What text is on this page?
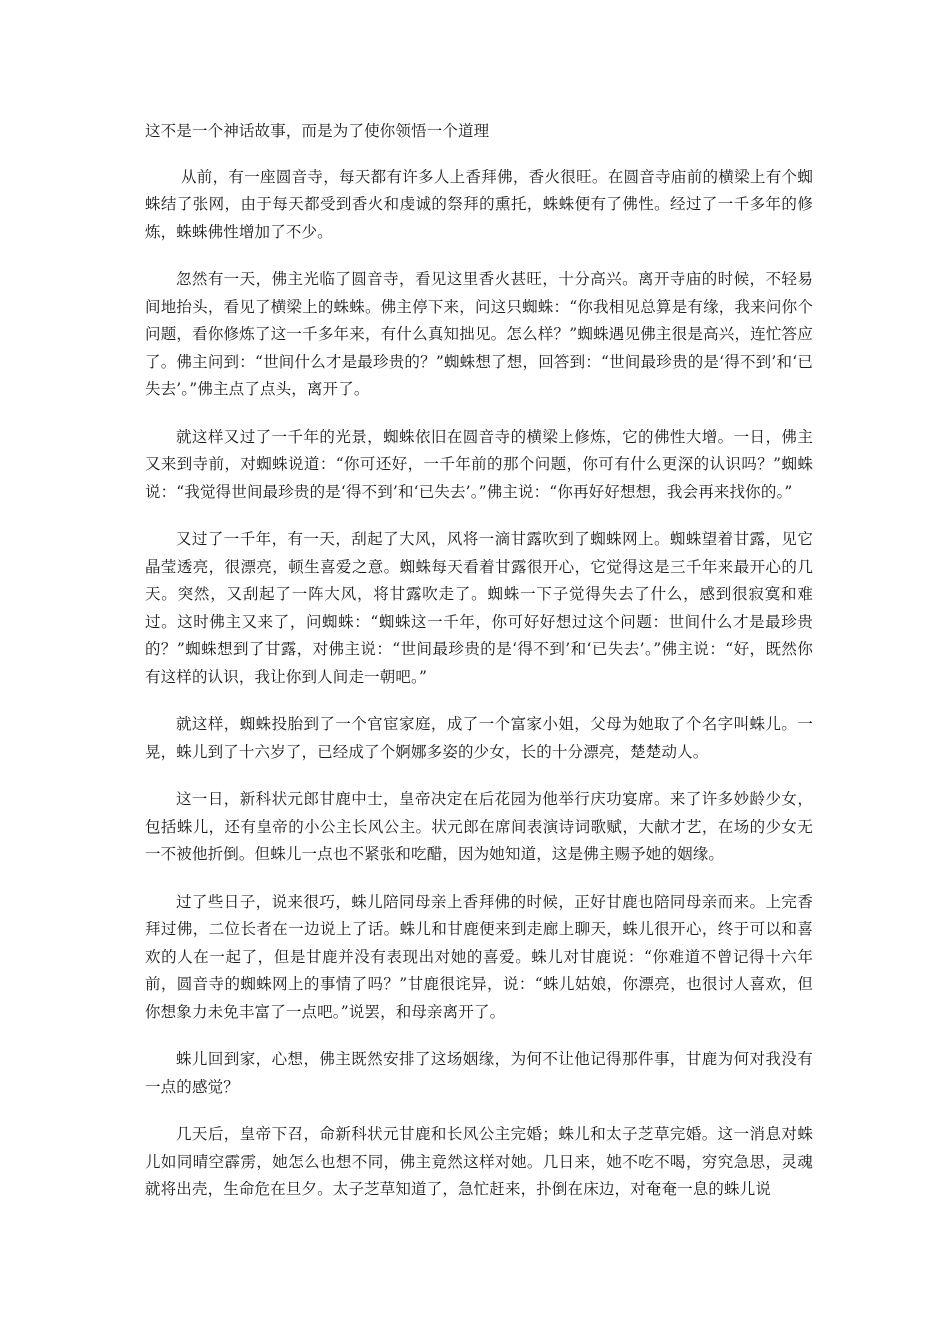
这不是一个神话故事，而是为了使你领悟一个道理

从前，有一座圆音寺，每天都有许多人上香拜佛，香火很旺。在圆音寺庙前的横梁上有个蜘蛛结了张网，由于每天都受到香火和虔诚的祭拜的熏托，蛛蛛便有了佛性。经过了一千多年的修炼，蛛蛛佛性增加了不少。

忽然有一天，佛主光临了圆音寺，看见这里香火甚旺，十分高兴。离开寺庙的时候，不轻易间地抬头，看见了横梁上的蛛蛛。佛主停下来，问这只蜘蛛：“你我相见总算是有缘，我来问你个问题，看你修炼了这一千多年来，有什么真知拙见。怎么样？”蜘蛛遇见佛主很是高兴，连忙答应了。佛主问到：“世间什么才是最珍贵的？”蜘蛛想了想，回答到：“世间最珍贵的是‘得不到’和‘已失去’。”佛主点了点头，离开了。

就这样又过了一千年的光景，蜘蛛依旧在圆音寺的横梁上修炼，它的佛性大增。一日，佛主又来到寺前，对蜘蛛说道：“你可还好，一千年前的那个问题，你可有什么更深的认识吗？”蜘蛛说：“我觉得世间最珍贵的是‘得不到’和‘已失去’。”佛主说：“你再好好想想，我会再来找你的。”

又过了一千年，有一天，刮起了大风，风将一滴甘露吹到了蜘蛛网上。蜘蛛望着甘露，见它晶莹透亮，很漂亮，顿生喜爱之意。蜘蛛每天看着甘露很开心，它觉得这是三千年来最开心的几天。突然，又刮起了一阵大风，将甘露吹走了。蜘蛛一下子觉得失去了什么，感到很寂寞和难过。这时佛主又来了，问蜘蛛：“蜘蛛这一千年，你可好好想过这个问题：世间什么才是最珍贵的？”蜘蛛想到了甘露，对佛主说：“世间最珍贵的是‘得不到’和‘已失去’。”佛主说：“好，既然你有这样的认识，我让你到人间走一朝吧。”

就这样，蜘蛛投胎到了一个官宦家庭，成了一个富家小姐，父母为她取了个名字叫蛛儿。一晃，蛛儿到了十六岁了，已经成了个婀娜多姿的少女，长的十分漂亮，楚楚动人。

这一日，新科状元郎甘鹿中士，皇帝决定在后花园为他举行庆功宴席。来了许多妙龄少女，包括蛛儿，还有皇帝的小公主长风公主。状元郎在席间表演诗词歌赋，大献才艺，在场的少女无一不被他折倒。但蛛儿一点也不紧张和吃醋，因为她知道，这是佛主赐予她的姻缘。

过了些日子，说来很巧，蛛儿陪同母亲上香拜佛的时候，正好甘鹿也陪同母亲而来。上完香拜过佛，二位长者在一边说上了话。蛛儿和甘鹿便来到走廊上聊天，蛛儿很开心，终于可以和喜欢的人在一起了，但是甘鹿并没有表现出对她的喜爱。蛛儿对甘鹿说：“你难道不曾记得十六年前，圆音寺的蜘蛛网上的事情了吗？”甘鹿很诧异，说：“蛛儿姑娘，你漂亮，也很讨人喜欢，但你想象力未免丰富了一点吧。”说罢，和母亲离开了。

蛛儿回到家，心想，佛主既然安排了这场姻缘，为何不让他记得那件事，甘鹿为何对我没有一点的感觉？

几天后，皇帝下召，命新科状元甘鹿和长风公主完婚；蛛儿和太子芝草完婚。这一消息对蛛儿如同晴空霹雳，她怎么也想不同，佛主竟然这样对她。几日来，她不吃不喝，穷究急思，灵魂就将出壳，生命危在旦夕。太子芝草知道了，急忙赶来，扑倒在床边，对奄奄一息的蛛儿说
